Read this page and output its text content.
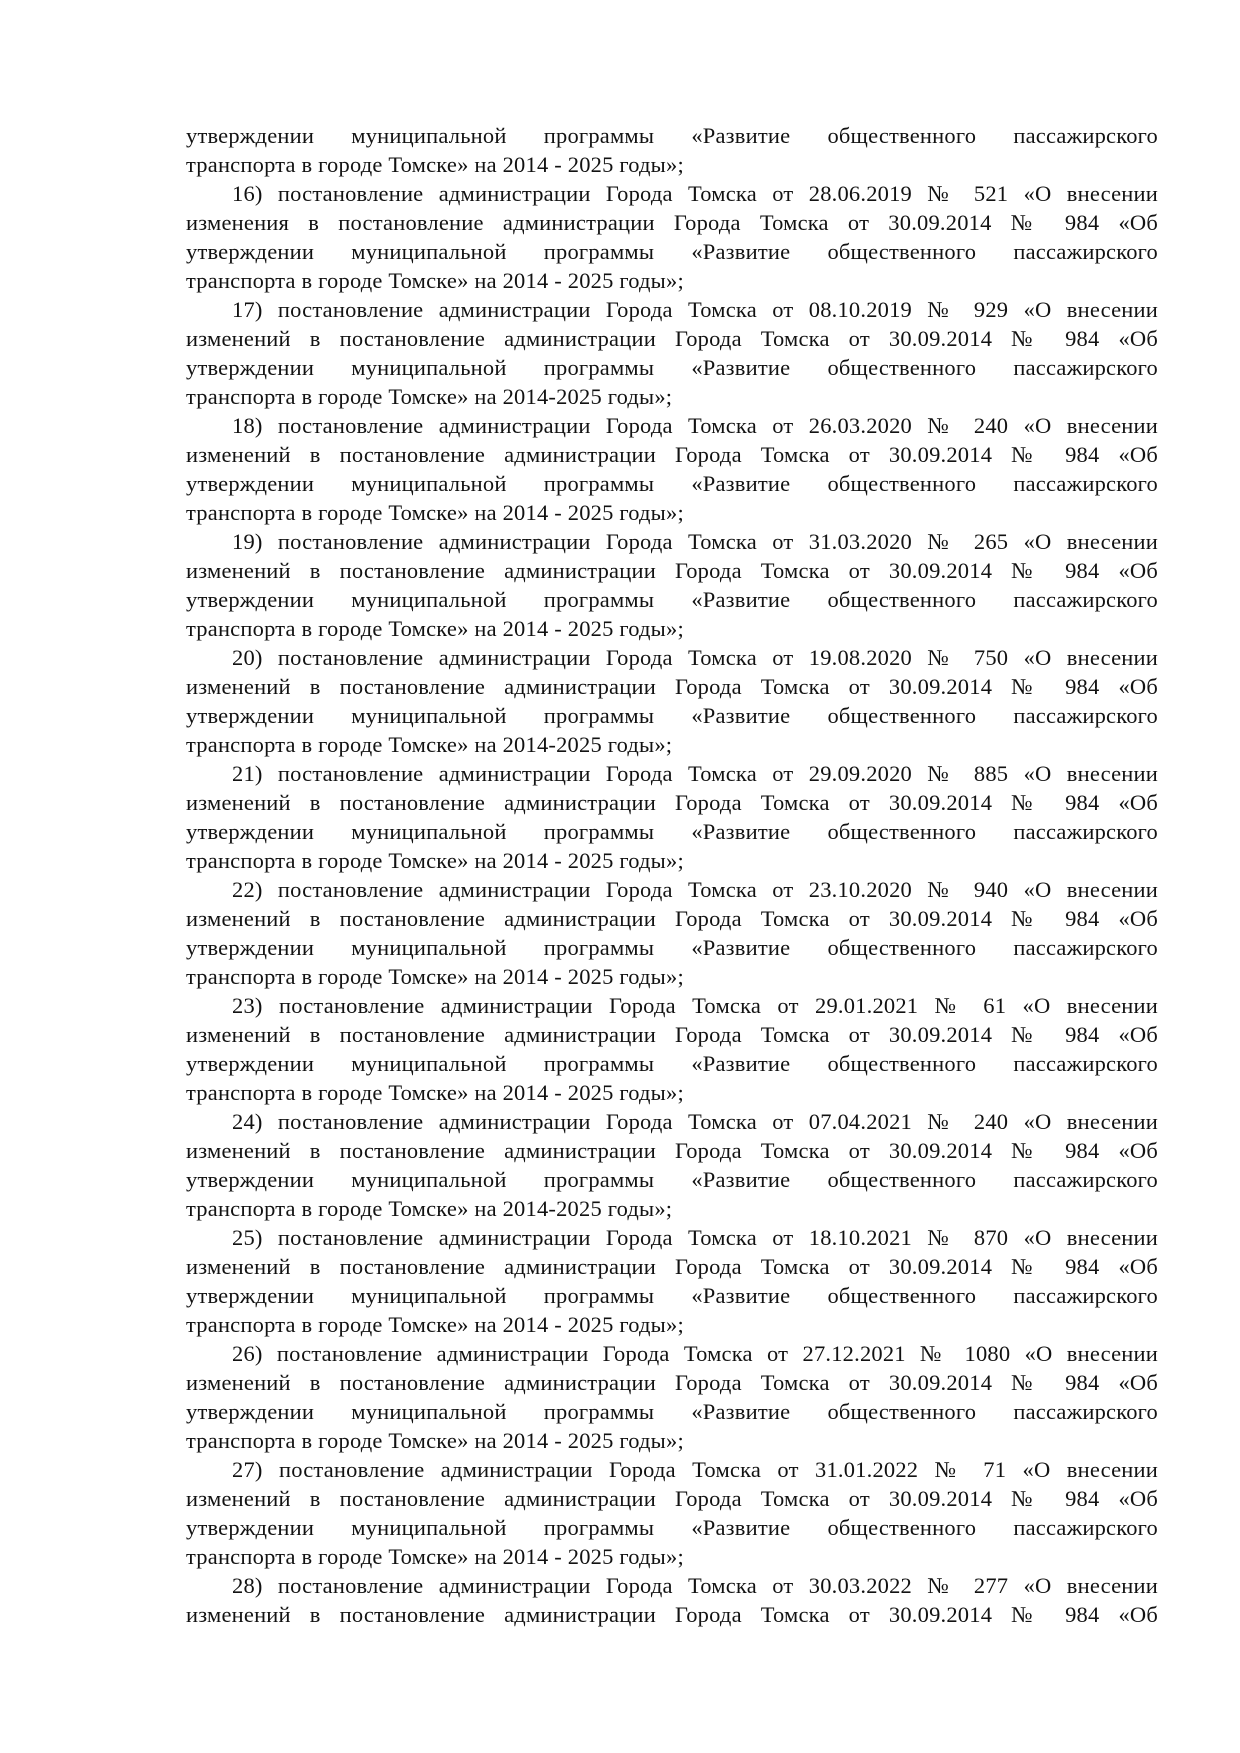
утверждении муниципальной программы «Развитие общественного пассажирского
транспорта в городе Томске» на 2014 - 2025 годы»;
16) постановление администрации Города Томска от 28.06.2019 № 521 «О внесении
изменения в постановление администрации Города Томска от 30.09.2014 № 984 «Об
утверждении муниципальной программы «Развитие общественного пассажирского
транспорта в городе Томске» на 2014 - 2025 годы»;
17) постановление администрации Города Томска от 08.10.2019 № 929 «О внесении
изменений в постановление администрации Города Томска от 30.09.2014 № 984 «Об
утверждении муниципальной программы «Развитие общественного пассажирского
транспорта в городе Томске» на 2014-2025 годы»;
18) постановление администрации Города Томска от 26.03.2020 № 240 «О внесении
изменений в постановление администрации Города Томска от 30.09.2014 № 984 «Об
утверждении муниципальной программы «Развитие общественного пассажирского
транспорта в городе Томске» на 2014 - 2025 годы»;
19) постановление администрации Города Томска от 31.03.2020 № 265 «О внесении
изменений в постановление администрации Города Томска от 30.09.2014 № 984 «Об
утверждении муниципальной программы «Развитие общественного пассажирского
транспорта в городе Томске» на 2014 - 2025 годы»;
20) постановление администрации Города Томска от 19.08.2020 № 750 «О внесении
изменений в постановление администрации Города Томска от 30.09.2014 № 984 «Об
утверждении муниципальной программы «Развитие общественного пассажирского
транспорта в городе Томске» на 2014-2025 годы»;
21) постановление администрации Города Томска от 29.09.2020 № 885 «О внесении
изменений в постановление администрации Города Томска от 30.09.2014 № 984 «Об
утверждении муниципальной программы «Развитие общественного пассажирского
транспорта в городе Томске» на 2014 - 2025 годы»;
22) постановление администрации Города Томска от 23.10.2020 № 940 «О внесении
изменений в постановление администрации Города Томска от 30.09.2014 № 984 «Об
утверждении муниципальной программы «Развитие общественного пассажирского
транспорта в городе Томске» на 2014 - 2025 годы»;
23) постановление администрации Города Томска от 29.01.2021 № 61 «О внесении
изменений в постановление администрации Города Томска от 30.09.2014 № 984 «Об
утверждении муниципальной программы «Развитие общественного пассажирского
транспорта в городе Томске» на 2014 - 2025 годы»;
24) постановление администрации Города Томска от 07.04.2021 № 240 «О внесении
изменений в постановление администрации Города Томска от 30.09.2014 № 984 «Об
утверждении муниципальной программы «Развитие общественного пассажирского
транспорта в городе Томске» на 2014-2025 годы»;
25) постановление администрации Города Томска от 18.10.2021 № 870 «О внесении
изменений в постановление администрации Города Томска от 30.09.2014 № 984 «Об
утверждении муниципальной программы «Развитие общественного пассажирского
транспорта в городе Томске» на 2014 - 2025 годы»;
26) постановление администрации Города Томска от 27.12.2021 № 1080 «О внесении
изменений в постановление администрации Города Томска от 30.09.2014 № 984 «Об
утверждении муниципальной программы «Развитие общественного пассажирского
транспорта в городе Томске» на 2014 - 2025 годы»;
27) постановление администрации Города Томска от 31.01.2022 № 71 «О внесении
изменений в постановление администрации Города Томска от 30.09.2014 № 984 «Об
утверждении муниципальной программы «Развитие общественного пассажирского
транспорта в городе Томске» на 2014 - 2025 годы»;
28) постановление администрации Города Томска от 30.03.2022 № 277 «О внесении
изменений в постановление администрации Города Томска от 30.09.2014 № 984 «Об
